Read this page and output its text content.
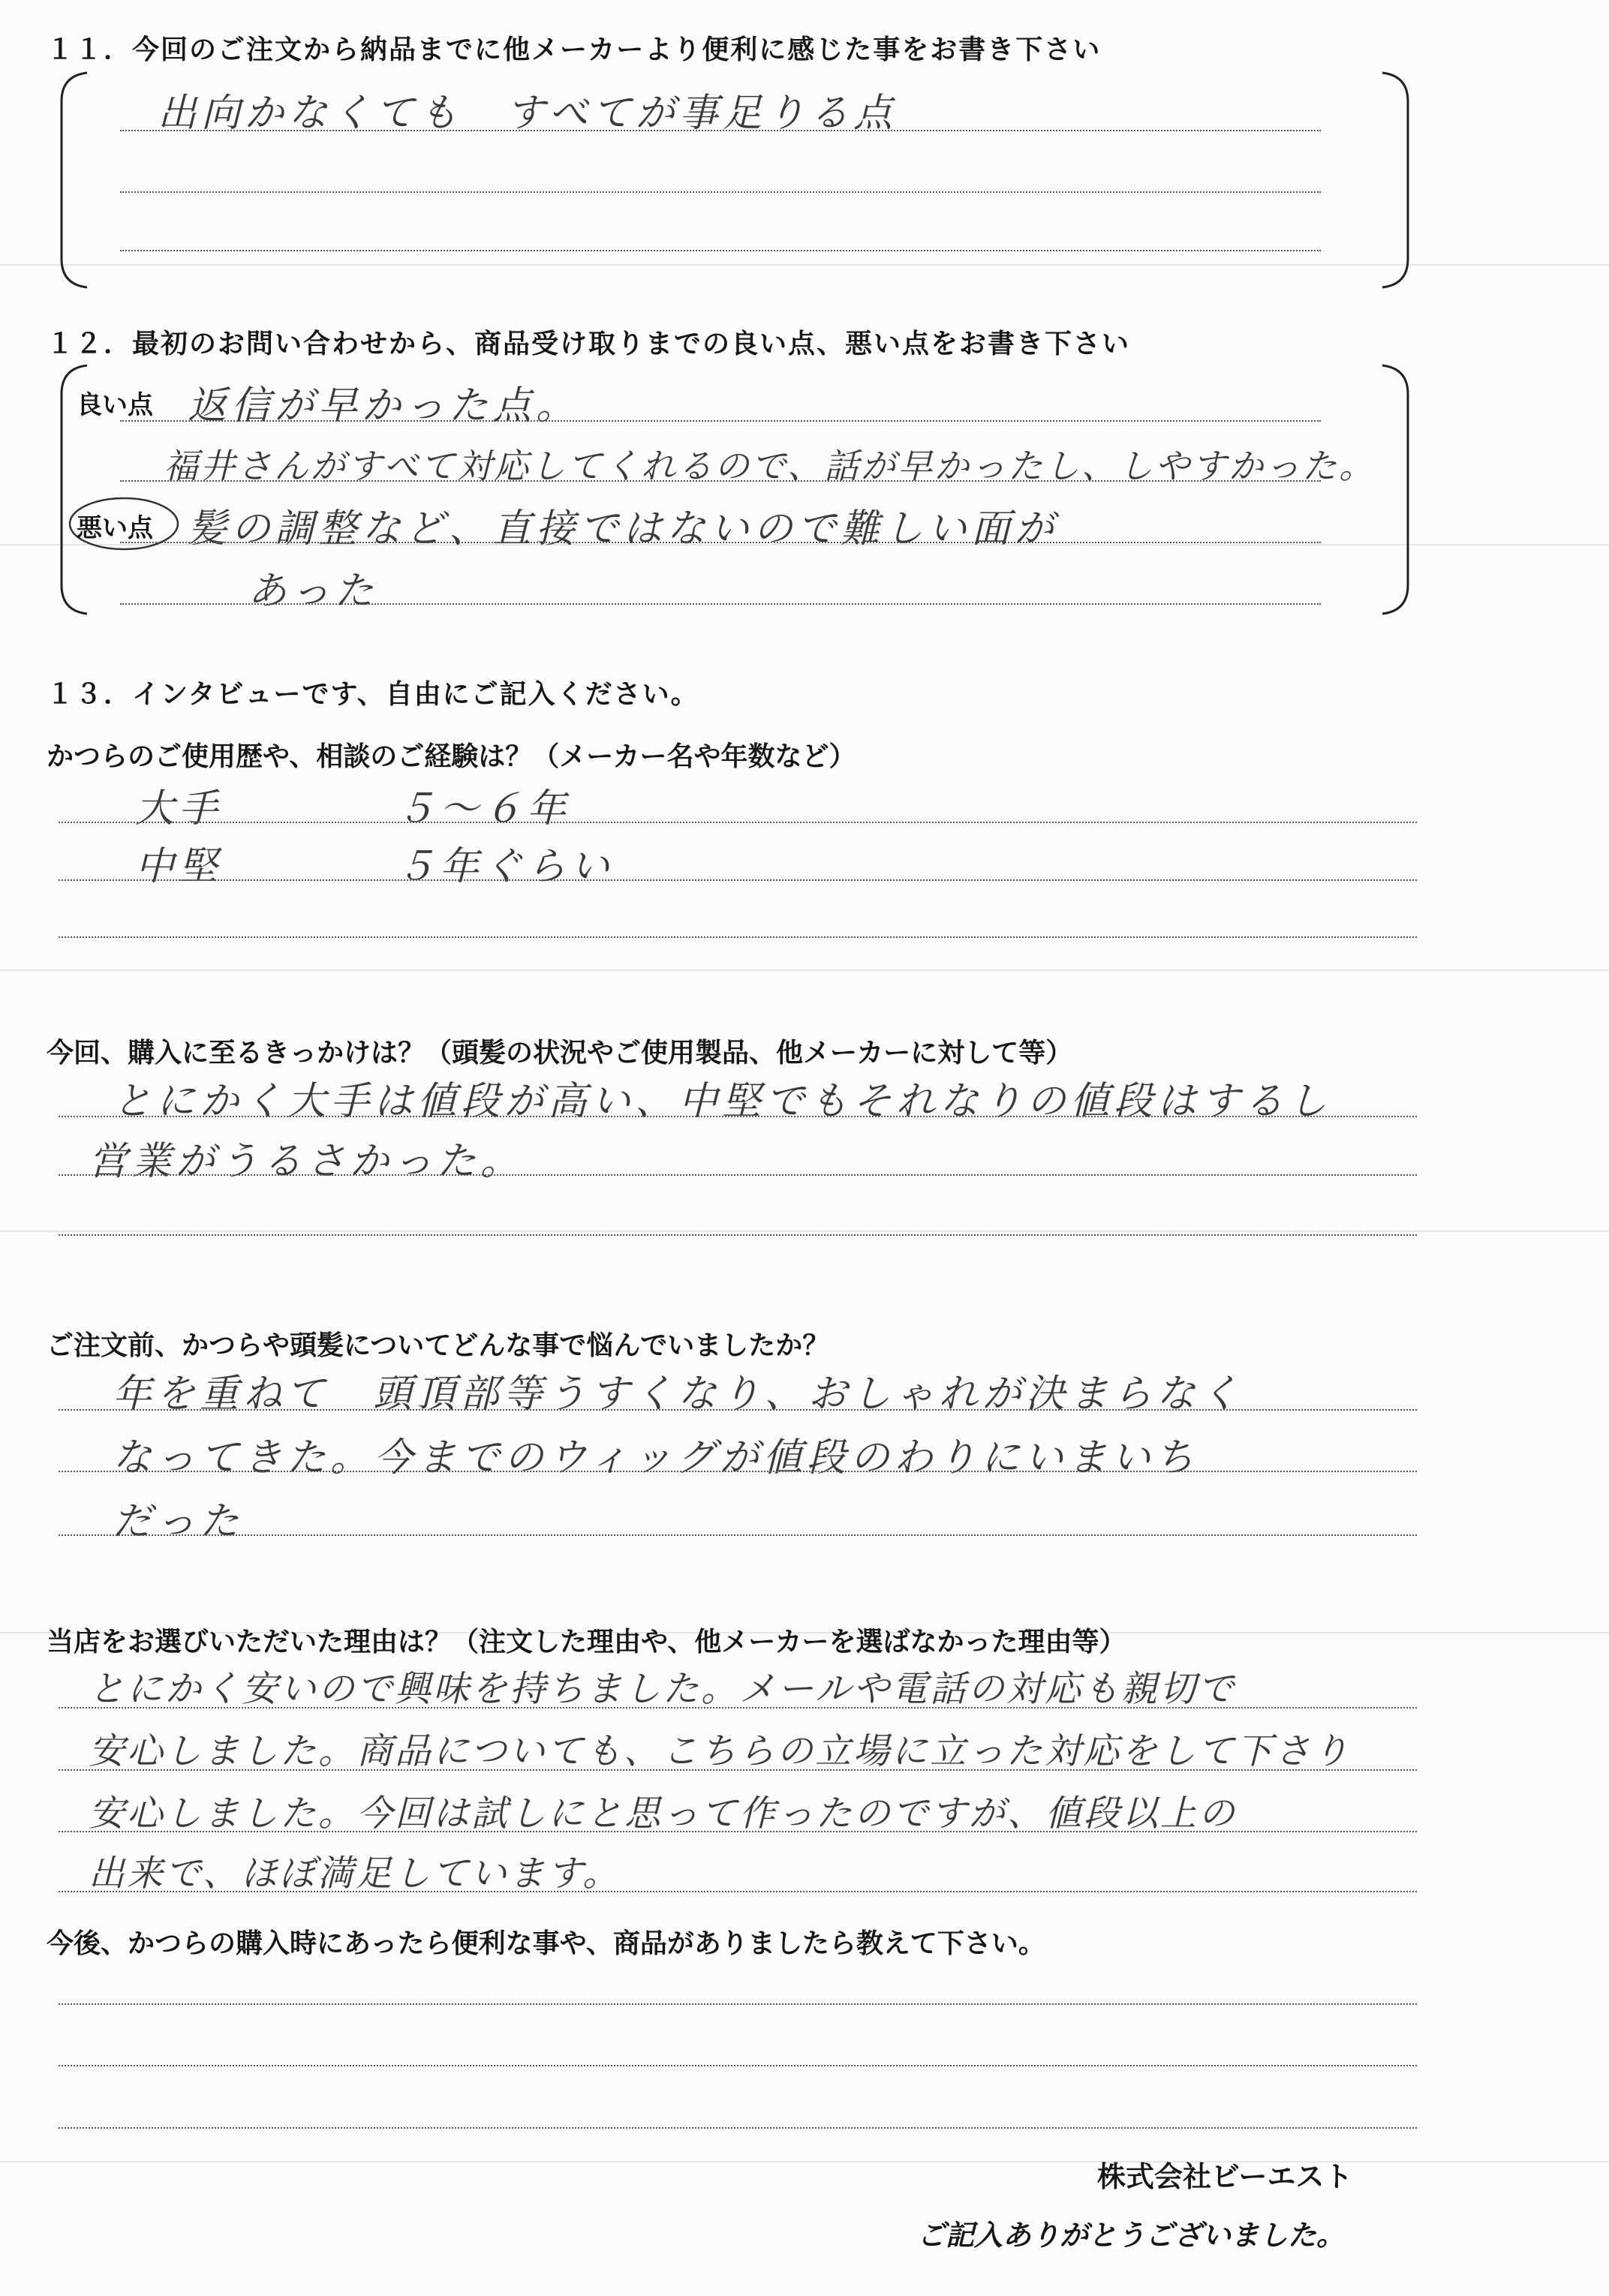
１１．今回のご注文から納品までに他メーカーより便利に感じた事をお書き下さい
出向かなくても　すべてが事足りる点
１２．最初のお問い合わせから、商品受け取りまでの良い点、悪い点をお書き下さい
良い点 返信が早かった点。
福井さんがすべて対応してくれるので、話が早かったし、しやすかった。
悪い点 髪の調整など、直接ではないので難しい面が
あった
１３．インタビューです、自由にご記入ください。
かつらのご使用歴や、相談のご経験は？（メーカー名や年数など）
大手　　　　５〜６年
中堅　　　　５年ぐらい
今回、購入に至るきっかけは？（頭髪の状況やご使用製品、他メーカーに対して等）
とにかく大手は値段が高い、中堅でもそれなりの値段はするし
営業がうるさかった。
ご注文前、かつらや頭髪についてどんな事で悩んでいましたか？
年を重ねて　頭頂部等うすくなり、おしゃれが決まらなく
なってきた。今までのウィッグが値段のわりにいまいち
だった
当店をお選びいただいた理由は？（注文した理由や、他メーカーを選ばなかった理由等）
とにかく安いので興味を持ちました。メールや電話の対応も親切で
安心しました。商品についても、こちらの立場に立った対応をして下さり
安心しました。今回は試しにと思って作ったのですが、値段以上の
出来で、ほぼ満足しています。
今後、かつらの購入時にあったら便利な事や、商品がありましたら教えて下さい。
株式会社ビーエスト
ご記入ありがとうございました。
